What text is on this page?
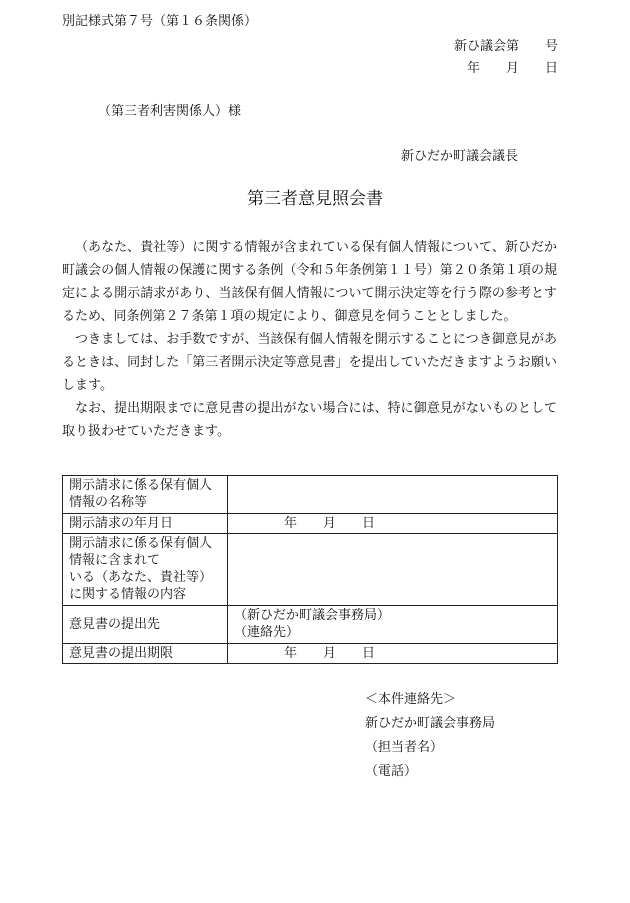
別記様式第７号（第１６条関係）
新ひ議会第　　号
年　　月　　日
（第三者利害関係人）様
新ひだか町議会議長
第三者意見照会書

（あなた、貴社等）に関する情報が含まれている保有個人情報について、新ひだか町議会の個人情報の保護に関する条例（令和５年条例第１１号）第２０条第１項の規定による開示請求があり、当該保有個人情報について開示決定等を行う際の参考とするため、同条例第２７条第１項の規定により、御意見を伺うこととしました。

つきましては、お手数ですが、当該保有個人情報を開示することにつき御意見があるときは、同封した「第三者開示決定等意見書」を提出していただきますようお願いします。

なお、提出期限までに意見書の提出がない場合には、特に御意見がないものとして取り扱わせていただきます。

開示請求に係る保有個人情報の名称等	
開示請求の年月日	年　　月　　日

開示請求に係る保有個人情報に含まれて
いる（あなた、貴社等）
に関する情報の内容	

意見書の提出先	（新ひだか町議会事務局）
（連絡先）

意見書の提出期限	年　　月　　日
＜本件連絡先＞
新ひだか町議会事務局
（担当者名）
（電話）
